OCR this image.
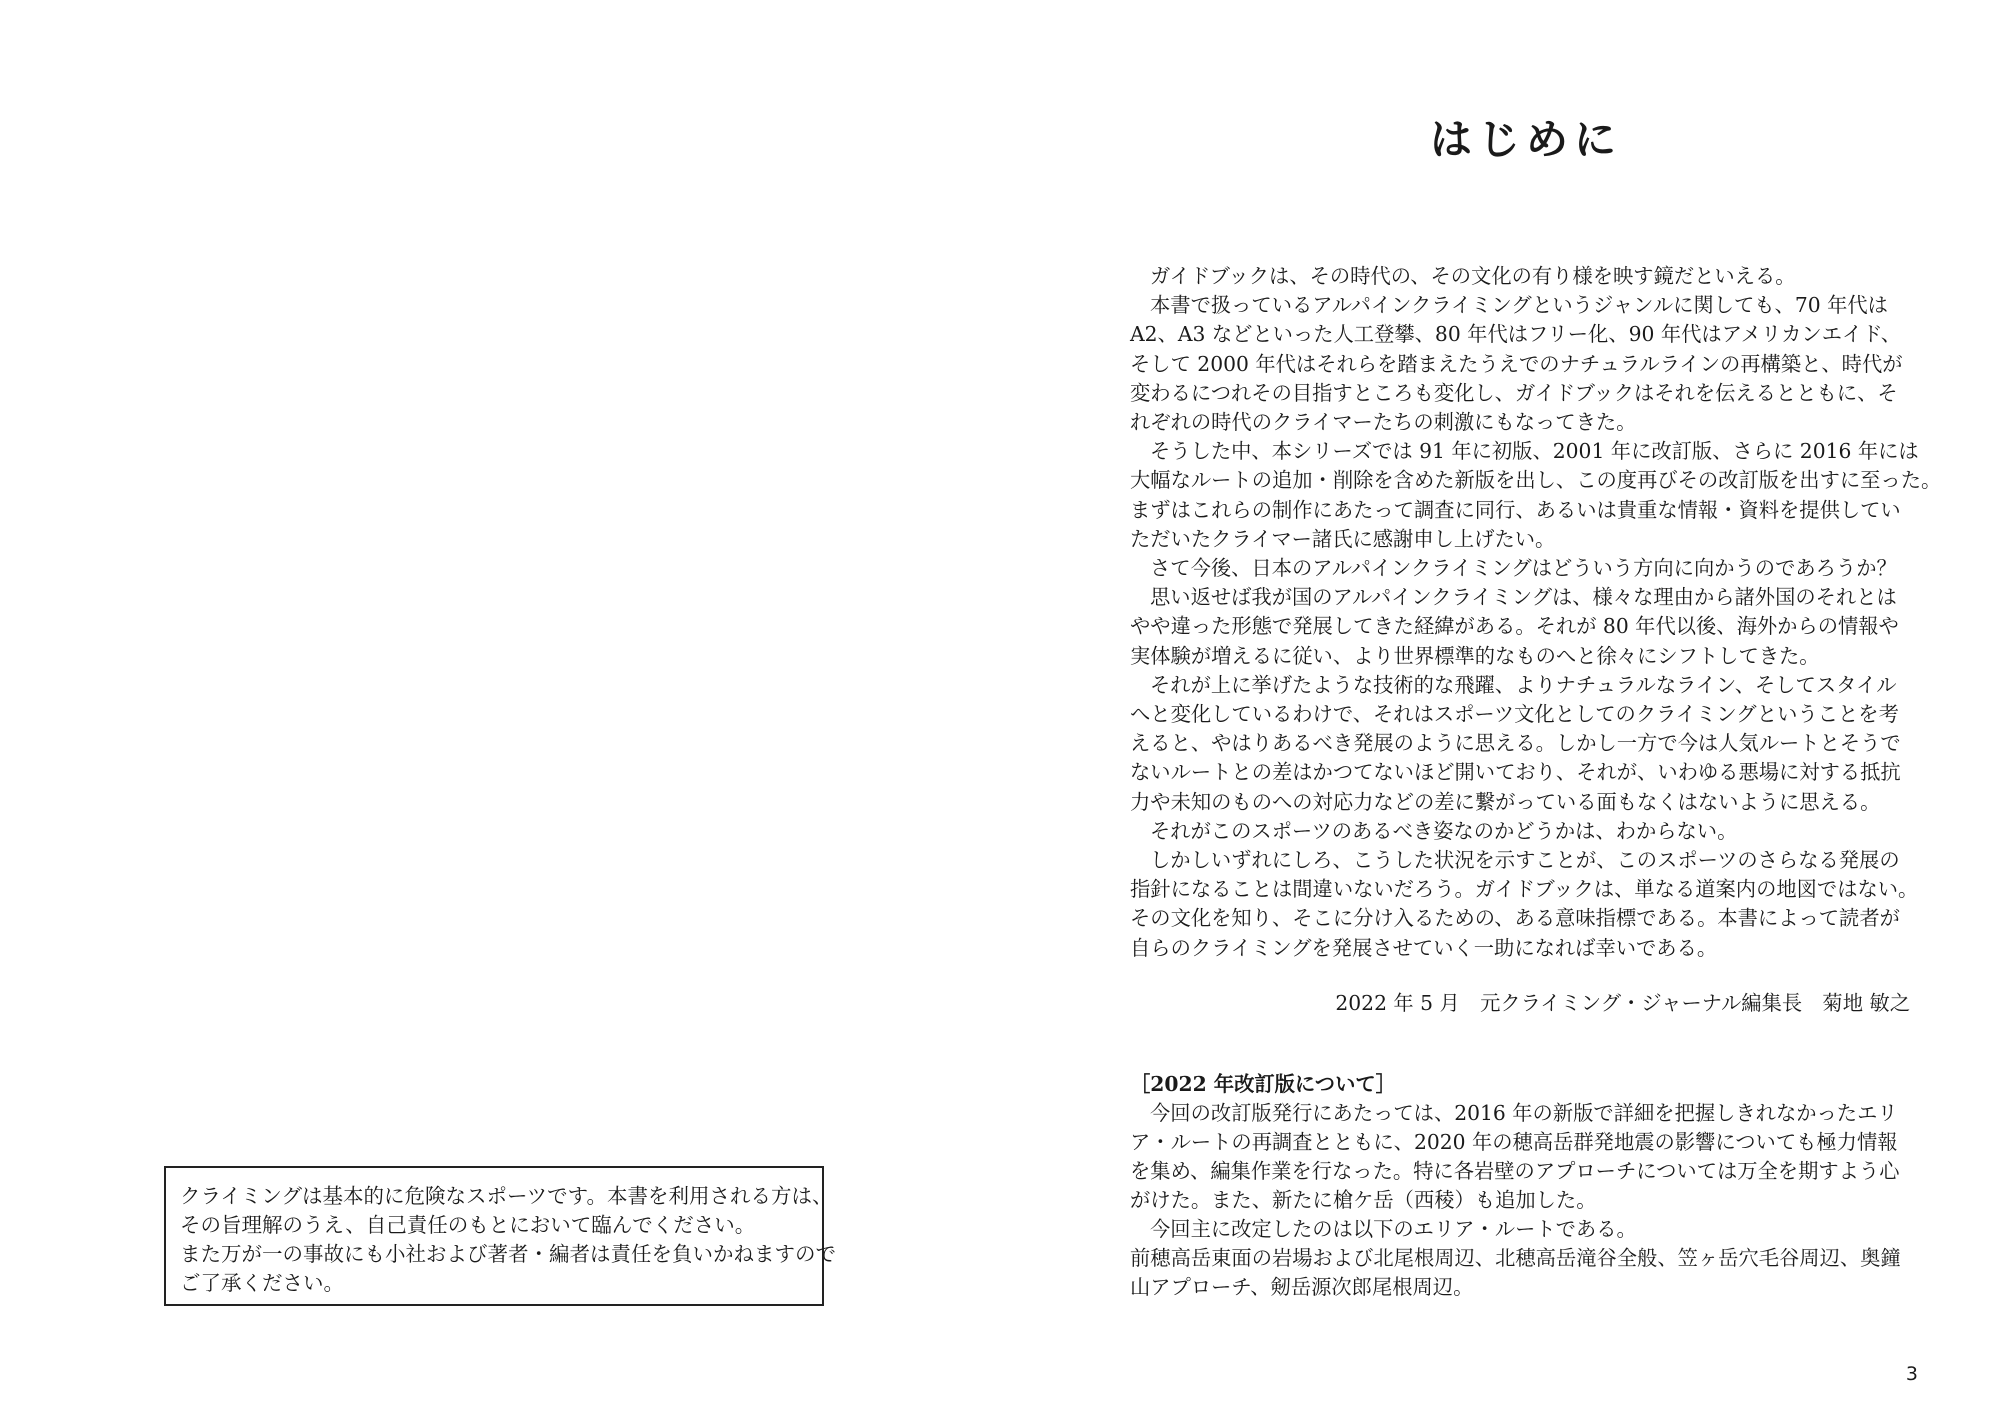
クライミングは基本的に危険なスポーツです。本書を利用される方は、
その旨理解のうえ、自己責任のもとにおいて臨んでください。
また万が一の事故にも小社および著者・編者は責任を負いかねますので
ご了承ください。
はじめに
ガイドブックは、その時代の、その文化の有り様を映す鏡だといえる。
本書で扱っているアルパインクライミングというジャンルに関しても、70 年代は
A2、A3 などといった人工登攀、80 年代はフリー化、90 年代はアメリカンエイド、
そして 2000 年代はそれらを踏まえたうえでのナチュラルラインの再構築と、時代が
変わるにつれその目指すところも変化し、ガイドブックはそれを伝えるとともに、そ
れぞれの時代のクライマーたちの刺激にもなってきた。
そうした中、本シリーズでは 91 年に初版、2001 年に改訂版、さらに 2016 年には
大幅なルートの追加・削除を含めた新版を出し、この度再びその改訂版を出すに至った。
まずはこれらの制作にあたって調査に同行、あるいは貴重な情報・資料を提供してい
ただいたクライマー諸氏に感謝申し上げたい。
さて今後、日本のアルパインクライミングはどういう方向に向かうのであろうか？
思い返せば我が国のアルパインクライミングは、様々な理由から諸外国のそれとは
やや違った形態で発展してきた経緯がある。それが 80 年代以後、海外からの情報や
実体験が増えるに従い、より世界標準的なものへと徐々にシフトしてきた。
それが上に挙げたような技術的な飛躍、よりナチュラルなライン、そしてスタイル
へと変化しているわけで、それはスポーツ文化としてのクライミングということを考
えると、やはりあるべき発展のように思える。しかし一方で今は人気ルートとそうで
ないルートとの差はかつてないほど開いており、それが、いわゆる悪場に対する抵抗
力や未知のものへの対応力などの差に繋がっている面もなくはないように思える。
それがこのスポーツのあるべき姿なのかどうかは、わからない。
しかしいずれにしろ、こうした状況を示すことが、このスポーツのさらなる発展の
指針になることは間違いないだろう。ガイドブックは、単なる道案内の地図ではない。
その文化を知り、そこに分け入るための、ある意味指標である。本書によって読者が
自らのクライミングを発展させていく一助になれば幸いである。
2022 年 5 月　元クライミング・ジャーナル編集長　菊地 敏之
［2022 年改訂版について］
今回の改訂版発行にあたっては、2016 年の新版で詳細を把握しきれなかったエリ
ア・ルートの再調査とともに、2020 年の穂高岳群発地震の影響についても極力情報
を集め、編集作業を行なった。特に各岩壁のアプローチについては万全を期すよう心
がけた。また、新たに槍ケ岳（西稜）も追加した。
今回主に改定したのは以下のエリア・ルートである。
前穂高岳東面の岩場および北尾根周辺、北穂高岳滝谷全般、笠ヶ岳穴毛谷周辺、奥鐘
山アプローチ、剱岳源次郎尾根周辺。
3
